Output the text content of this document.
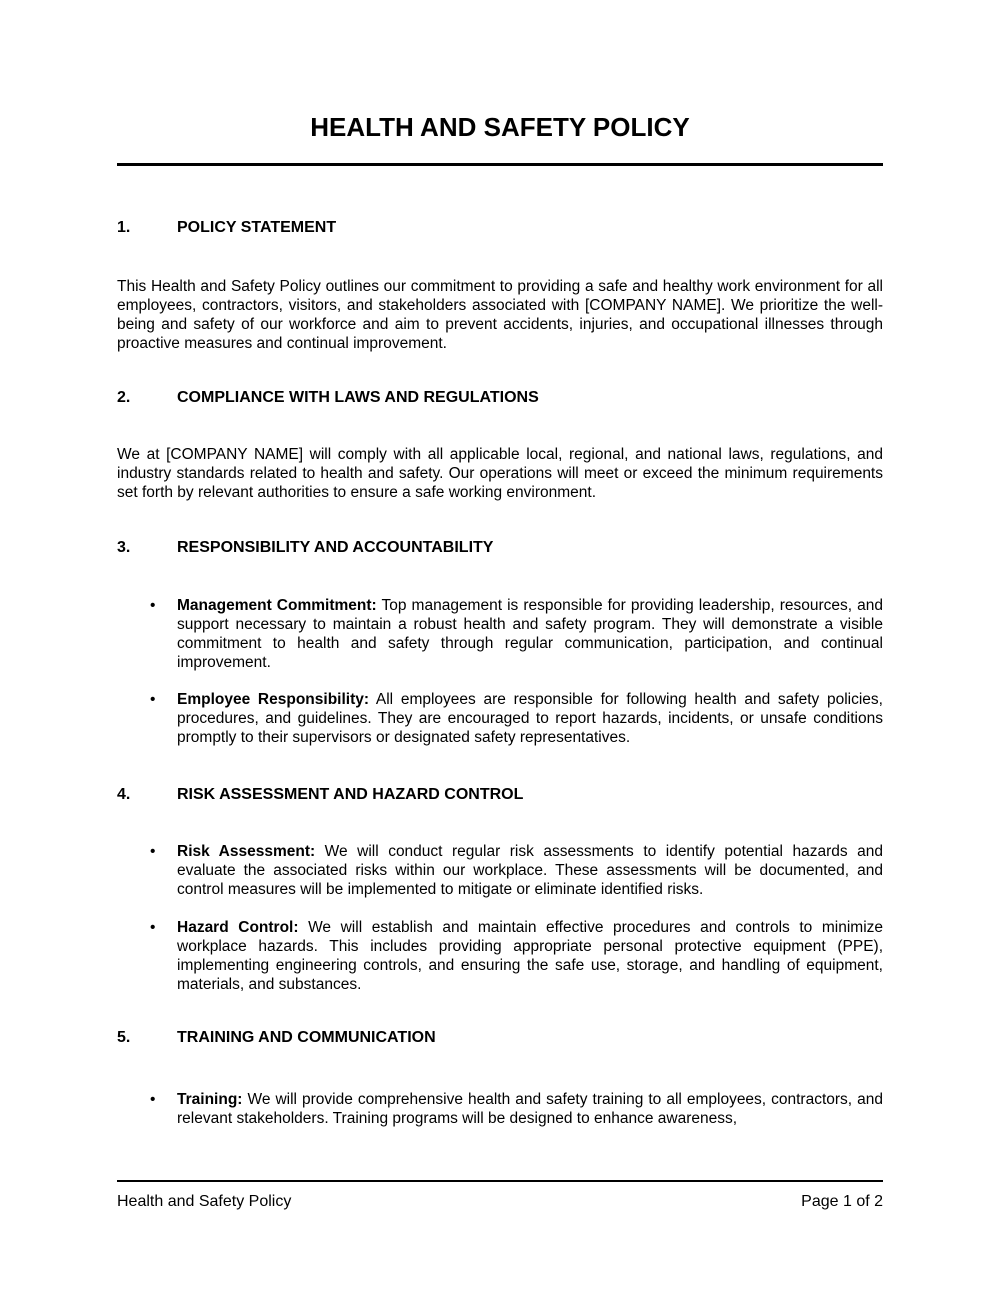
HEALTH AND SAFETY POLICY
1.	POLICY STATEMENT

This Health and Safety Policy outlines our commitment to providing a safe and healthy work environment for all employees, contractors, visitors, and stakeholders associated with [COMPANY NAME]. We prioritize the well-being and safety of our workforce and aim to prevent accidents, injuries, and occupational illnesses through proactive measures and continual improvement.

2.	COMPLIANCE WITH LAWS AND REGULATIONS

We at [COMPANY NAME] will comply with all applicable local, regional, and national laws, regulations, and industry standards related to health and safety. Our operations will meet or exceed the minimum requirements set forth by relevant authorities to ensure a safe working environment.

3.	RESPONSIBILITY AND ACCOUNTABILITY
•	Management Commitment: Top management is responsible for providing leadership, resources, and support necessary to maintain a robust health and safety program. They will demonstrate a visible commitment to health and safety through regular communication, participation, and continual improvement.
•	Employee Responsibility: All employees are responsible for following health and safety policies, procedures, and guidelines. They are encouraged to report hazards, incidents, or unsafe conditions promptly to their supervisors or designated safety representatives.
4.	RISK ASSESSMENT AND HAZARD CONTROL
•	Risk Assessment: We will conduct regular risk assessments to identify potential hazards and evaluate the associated risks within our workplace. These assessments will be documented, and control measures will be implemented to mitigate or eliminate identified risks.
•	Hazard Control: We will establish and maintain effective procedures and controls to minimize workplace hazards. This includes providing appropriate personal protective equipment (PPE), implementing engineering controls, and ensuring the safe use, storage, and handling of equipment, materials, and substances.
5.	TRAINING AND COMMUNICATION
•	Training: We will provide comprehensive health and safety training to all employees, contractors, and relevant stakeholders. Training programs will be designed to enhance awareness,
Health and Safety Policy	Page 1 of 2
